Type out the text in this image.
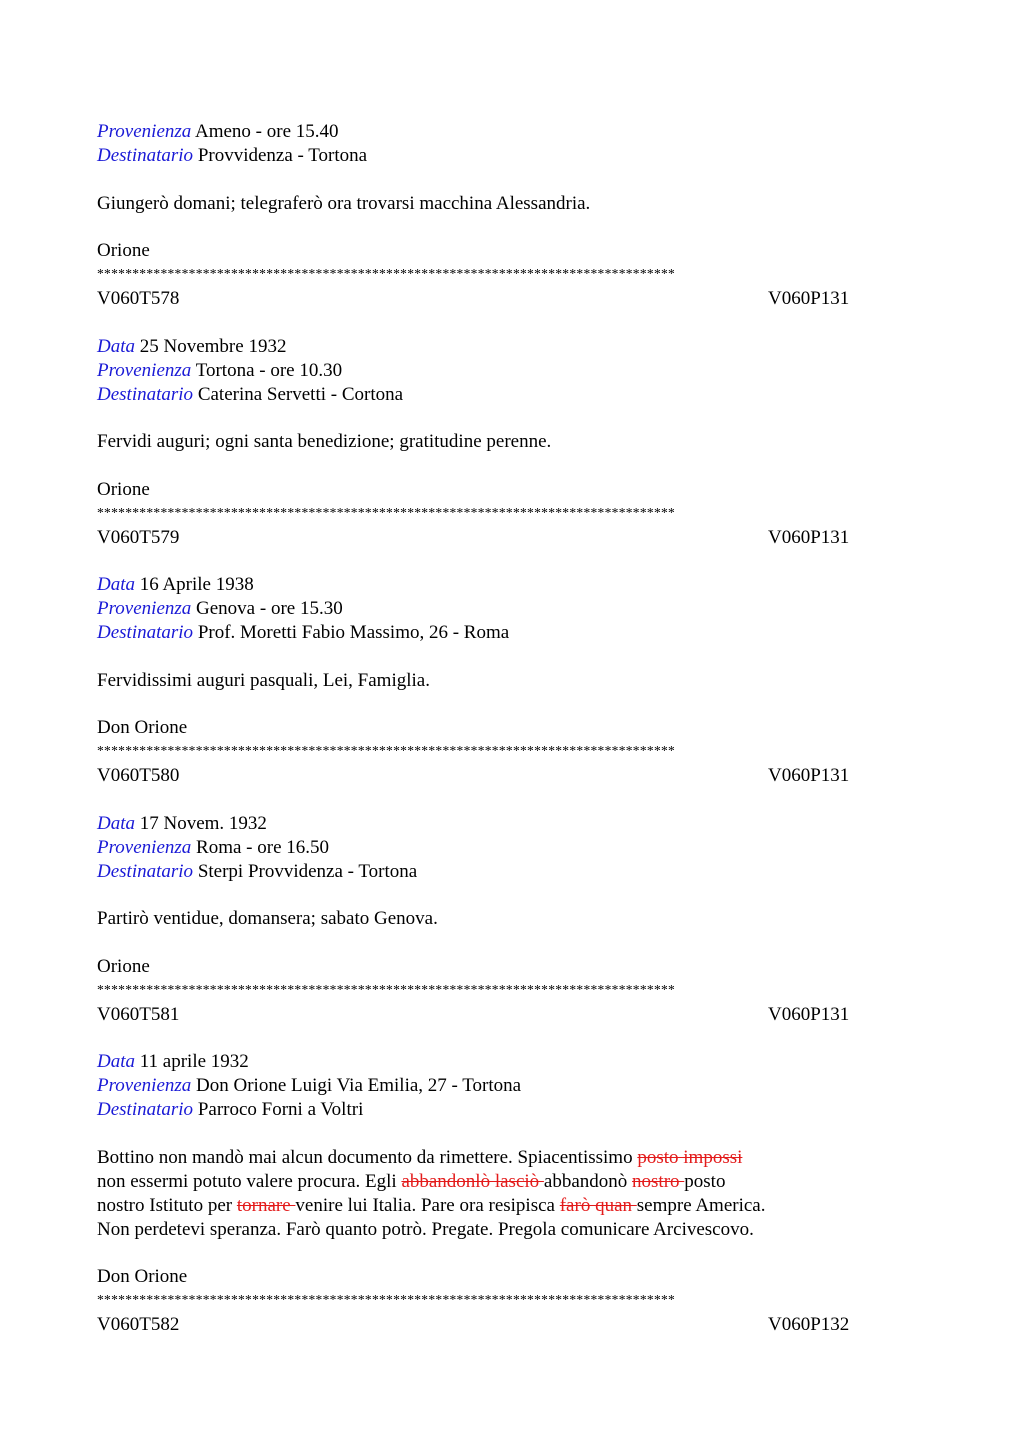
Provenienza Ameno - ore 15.40
Destinatario Provvidenza - Tortona
Giungerò domani; telegraferò ora trovarsi macchina Alessandria.
Orione
**********************************************************************************
V060T578	V060P131
Data 25 Novembre 1932
Provenienza Tortona - ore 10.30
Destinatario Caterina Servetti - Cortona
Fervidi auguri; ogni santa benedizione; gratitudine perenne.
Orione
**********************************************************************************
V060T579	V060P131
Data 16 Aprile 1938
Provenienza Genova - ore 15.30
Destinatario Prof. Moretti Fabio Massimo, 26 - Roma
Fervidissimi auguri pasquali, Lei, Famiglia.
Don Orione
**********************************************************************************
V060T580	V060P131
Data 17 Novem. 1932
Provenienza Roma - ore 16.50
Destinatario Sterpi Provvidenza - Tortona
Partirò ventidue, domansera; sabato Genova.
Orione
**********************************************************************************
V060T581	V060P131
Data 11 aprile 1932
Provenienza Don Orione Luigi Via Emilia, 27 - Tortona
Destinatario Parroco Forni a Voltri
Bottino non mandò mai alcun documento da rimettere. Spiacentissimo posto impossi
non essermi potuto valere procura. Egli abbandonlò lasciò abbandonò nostro posto
nostro Istituto per tornare venire lui Italia. Pare ora resipisca farò quan sempre America.
Non perdetevi speranza. Farò quanto potrò. Pregate. Pregola comunicare Arcivescovo.
Don Orione
**********************************************************************************
V060T582	V060P132
